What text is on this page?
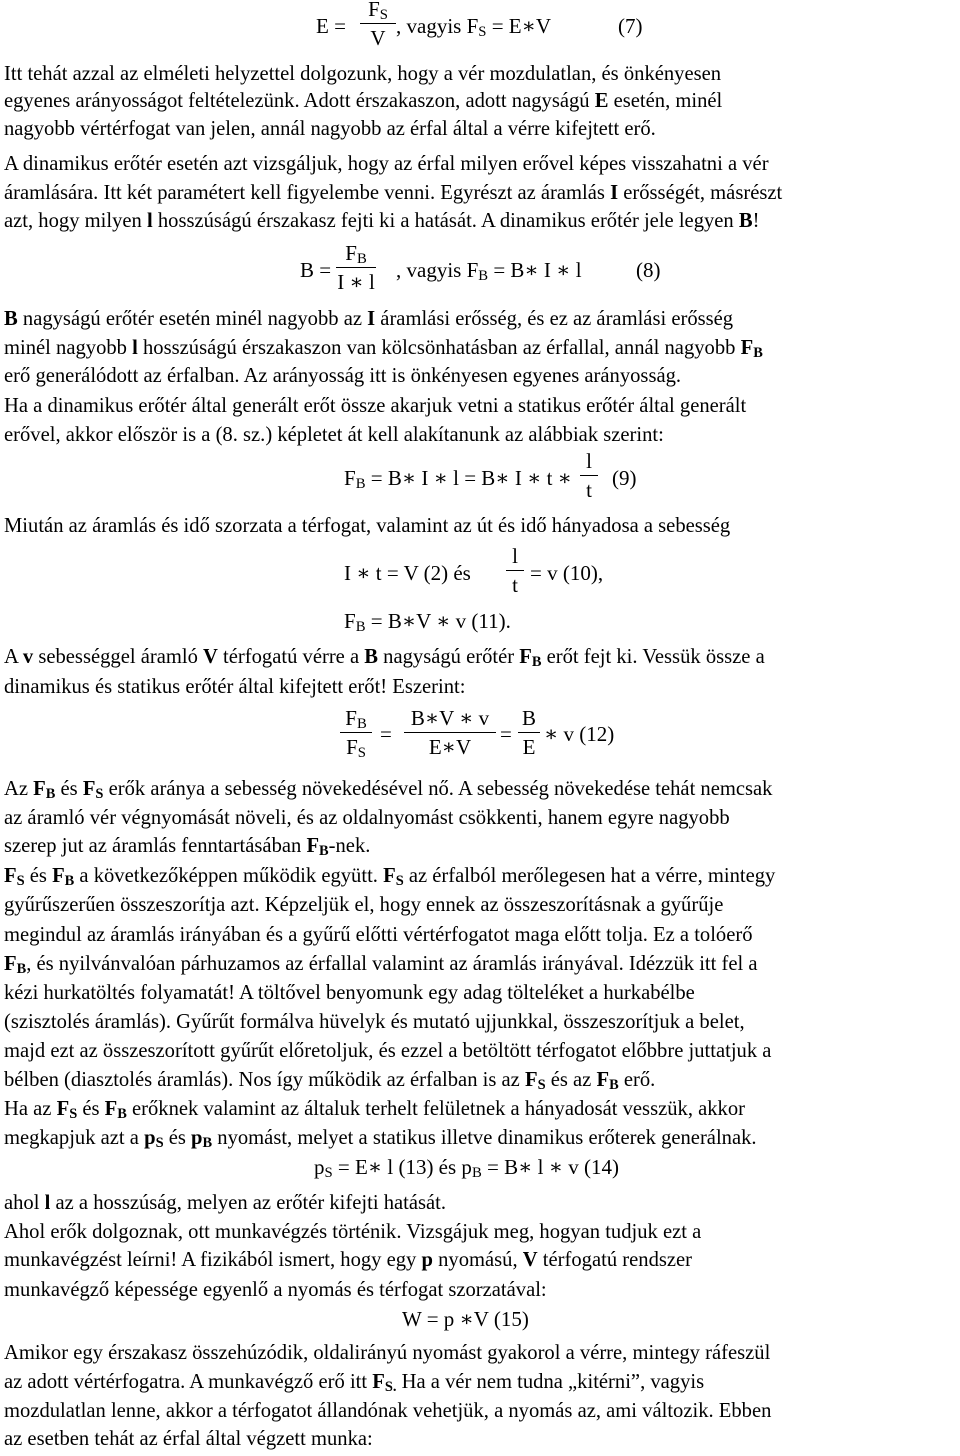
E =
$F_S$
V , vagyis $F_S$ = E∗V	(7)
Itt tehát azzal az elméleti helyzettel dolgozunk, hogy a vér mozdulatlan, és önkényesen
egyenes arányosságot feltételezünk. Adott érszakaszon, adott nagyságú E esetén, minél
nagyobb vértérfogat van jelen, annál nagyobb az érfal által a vérre kifejtett erő.
A dinamikus erőtér esetén azt vizsgáljuk, hogy az érfal milyen erővel képes visszahatni a vér
áramlására. Itt két paramétert kell figyelembe venni. Egyrészt az áramlás I erősségét, másrészt
azt, hogy milyen l hosszúságú érszakasz fejti ki a hatását. A dinamikus erőtér jele legyen B!
B =
$F_B$
I ∗ l , vagyis $F_B$ = B∗ I ∗ l	(8)
B nagyságú erőtér esetén minél nagyobb az I áramlási erősség, és ez az áramlási erősség
minél nagyobb l hosszúságú érszakaszon van kölcsönhatásban az érfallal, annál nagyobb $F_B$
erő generálódott az érfalban. Az arányosság itt is önkényesen egyenes arányosság.
Ha a dinamikus erőtér által generált erőt össze akarjuk vetni a statikus erőtér által generált
erővel, akkor először is a (8. sz.) képletet át kell alakítanunk az alábbiak szerint:
$F_B$ = B∗ I ∗ l = B∗ I ∗ t ∗
l
t (9)
Miután az áramlás és idő szorzata a térfogat, valamint az út és idő hányadosa a sebesség
I ∗ t = V (2) és
l
t = v (10),
$F_B$ = B∗V ∗ v (11).
A v sebességgel áramló V térfogatú vérre a B nagyságú erőtér $F_B$ erőt fejt ki. Vessük össze a
dinamikus és statikus erőtér által kifejtett erőt! Eszerint:
$F_B$
$F_S$
=
B∗V ∗ v
E∗V
=
B
E
∗ v (12)
Az $F_B$ és $F_S$ erők aránya a sebesség növekedésével nő. A sebesség növekedése tehát nemcsak
az áramló vér végnyomását növeli, és az oldalnyomást csökkenti, hanem egyre nagyobb
szerep jut az áramlás fenntartásában $F_B$-nek.
$F_S$ és $F_B$ a következőképpen működik együtt. $F_S$ az érfalból merőlegesen hat a vérre, mintegy
gyűrűszerűen összeszorítja azt. Képzeljük el, hogy ennek az összeszorításnak a gyűrűje
megindul az áramlás irányában és a gyűrű előtti vértérfogatot maga előtt tolja. Ez a tolóerő
$F_B$, és nyilvánvalóan párhuzamos az érfallal valamint az áramlás irányával. Idézzük itt fel a
kézi hurkatöltés folyamatát! A töltővel benyomunk egy adag tölteléket a hurkabélbe
(szisztolés áramlás). Gyűrűt formálva hüvelyk és mutató ujjunkkal, összeszorítjuk a belet,
majd ezt az összeszorított gyűrűt előretoljuk, és ezzel a betöltött térfogatot előbbre juttatjuk a
bélben (diasztolés áramlás). Nos így működik az érfalban is az $F_S$ és az $F_B$ erő.
Ha az $F_S$ és $F_B$ erőknek valamint az általuk terhelt felületnek a hányadosát vesszük, akkor
megkapjuk azt a $p_S$ és $p_B$ nyomást, melyet a statikus illetve dinamikus erőterek generálnak.
$p_S$ = E∗ l (13) és $p_B$ = B∗ l ∗ v (14)
ahol l az a hosszúság, melyen az erőtér kifejti hatását.
Ahol erők dolgoznak, ott munkavégzés történik. Vizsgájuk meg, hogyan tudjuk ezt a
munkavégzést leírni! A fizikából ismert, hogy egy p nyomású, V térfogatú rendszer
munkavégző képessége egyenlő a nyomás és térfogat szorzatával:
W = p ∗V (15)
Amikor egy érszakasz összehúzódik, oldalirányú nyomást gyakorol a vérre, mintegy ráfeszül
az adott vértérfogatra. A munkavégző erő itt $F_{S.}$ Ha a vér nem tudna „kitérni”, vagyis
mozdulatlan lenne, akkor a térfogatot állandónak vehetjük, a nyomás az, ami változik. Ebben
az esetben tehát az érfal által végzett munka:
